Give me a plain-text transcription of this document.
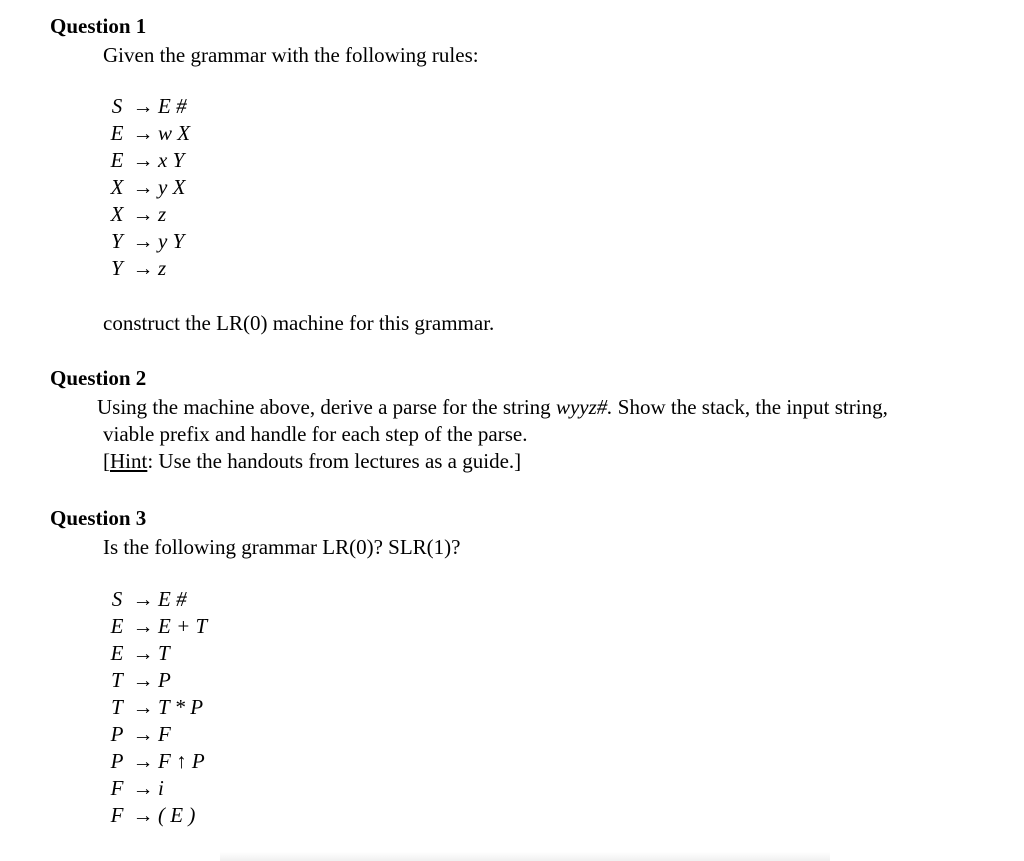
Question 1

Given the grammar with the following rules:

S → E #
E → w X
E → x Y
X → y X
X → z
Y → y Y
Y → z

construct the LR(0) machine for this grammar.

Question 2
Using the machine above, derive a parse for the string wyyz#. Show the stack, the input string,
viable prefix and handle for each step of the parse.
[Hint: Use the handouts from lectures as a guide.]
Question 3

Is the following grammar LR(0)? SLR(1)?

S → E #
E → E + T
E → T
T → P
T → T * P
P → F
P → F ↑ P
F → i
F → ( E )
